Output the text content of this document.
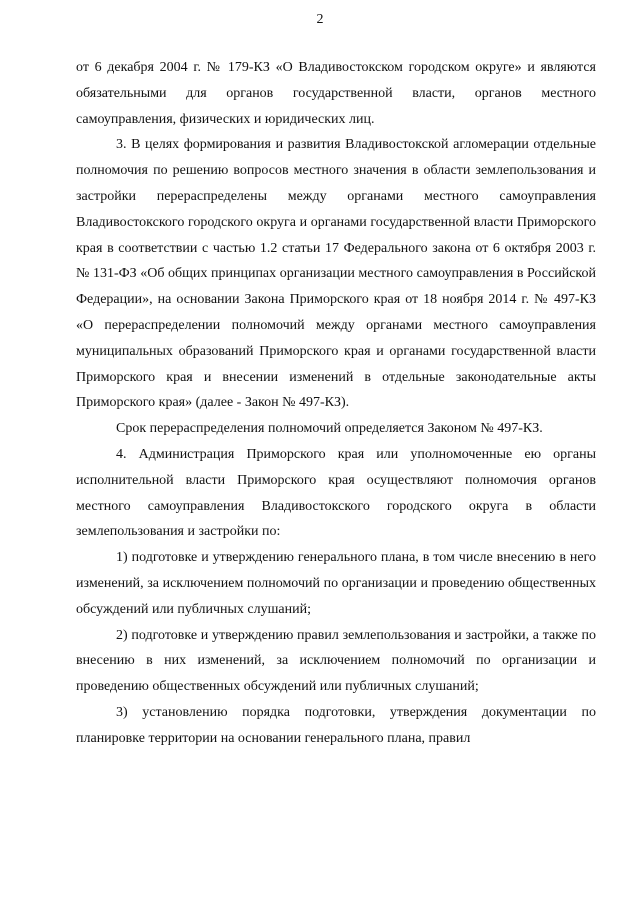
2

от 6 декабря 2004 г. № 179-КЗ «О Владивостокском городском округе» и являются обязательными для органов государственной власти, органов местного самоуправления, физических и юридических лиц.

3. В целях формирования и развития Владивостокской агломерации отдельные полномочия по решению вопросов местного значения в области землепользования и застройки перераспределены между органами местного самоуправления Владивостокского городского округа и органами государственной власти Приморского края в соответствии с частью 1.2 статьи 17 Федерального закона от 6 октября 2003 г. № 131-ФЗ «Об общих принципах организации местного самоуправления в Российской Федерации», на основании Закона Приморского края от 18 ноября 2014 г. № 497-КЗ «О перераспределении полномочий между органами местного самоуправления муниципальных образований Приморского края и органами государственной власти Приморского края и внесении изменений в отдельные законодательные акты Приморского края» (далее - Закон № 497-КЗ).

Срок перераспределения полномочий определяется Законом № 497-КЗ.

4. Администрация Приморского края или уполномоченные ею органы исполнительной власти Приморского края осуществляют полномочия органов местного самоуправления Владивостокского городского округа в области землепользования и застройки по:

1) подготовке и утверждению генерального плана, в том числе внесению в него изменений, за исключением полномочий по организации и проведению общественных обсуждений или публичных слушаний;

2) подготовке и утверждению правил землепользования и застройки, а также по внесению в них изменений, за исключением полномочий по организации и проведению общественных обсуждений или публичных слушаний;

3) установлению порядка подготовки, утверждения документации по планировке территории на основании генерального плана, правил
